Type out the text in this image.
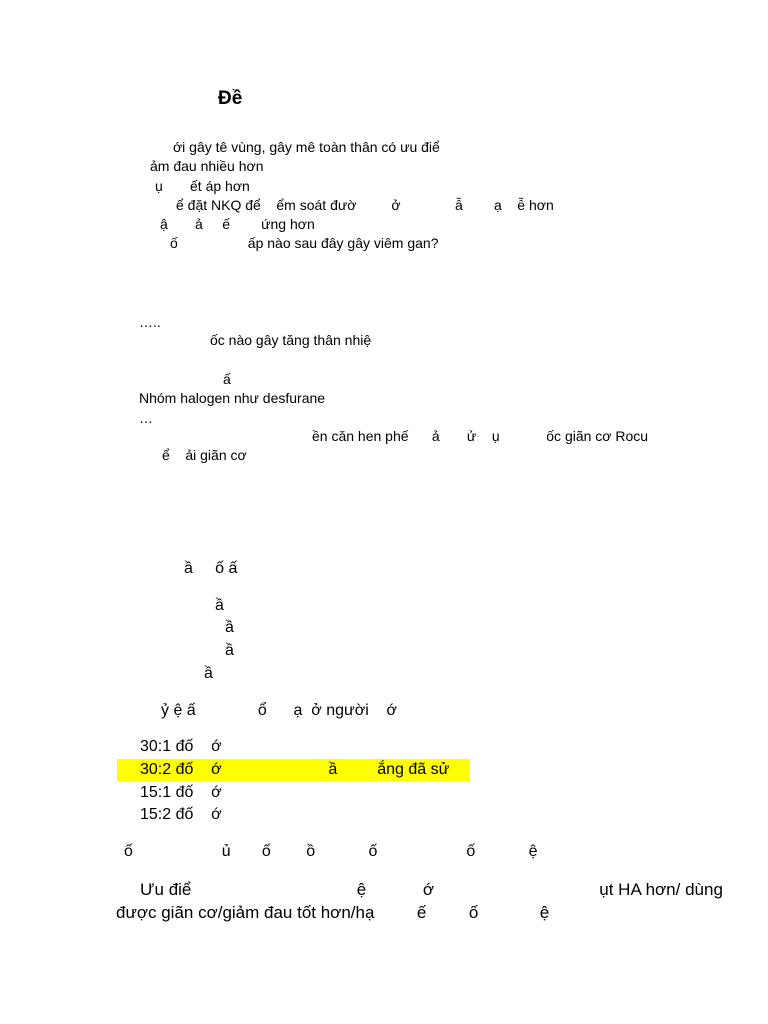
Đề
ới gây tê vùng, gây mê toàn thân có ưu điể
ảm đau nhiều hơn
ụ       ết áp hơn
ể đặt NKQ để    ểm soát đườ         ở              ẫ        ạ    ễ hơn
ậ       ả     ế        ứng hơn
ố                  ấp nào sau đây gây viêm gan?
…..
ốc nào gây tăng thân nhiệ
ấ
Nhóm halogen như desfurane
…
ền căn hen phế      ả       ử    ụ            ốc giãn cơ Rocu
ể    ải giãn cơ
ầ     ố ấ
ầ
ầ
ầ
ầ
ỷ ệ ấ              ổ      ạ  ở người    ớ
30:1 đố    ớ
30:2 đố    ớ                        ầ         ắng đã sử
15:1 đố    ớ
15:2 đố    ớ
ố                    ủ       ố        ồ            ố                    ố            ệ
Ưu điể                                   ệ            ớ                                   ụt HA hơn/ dùng
được giãn cơ/giảm đau tốt hơn/hạ         ế         ố             ệ
